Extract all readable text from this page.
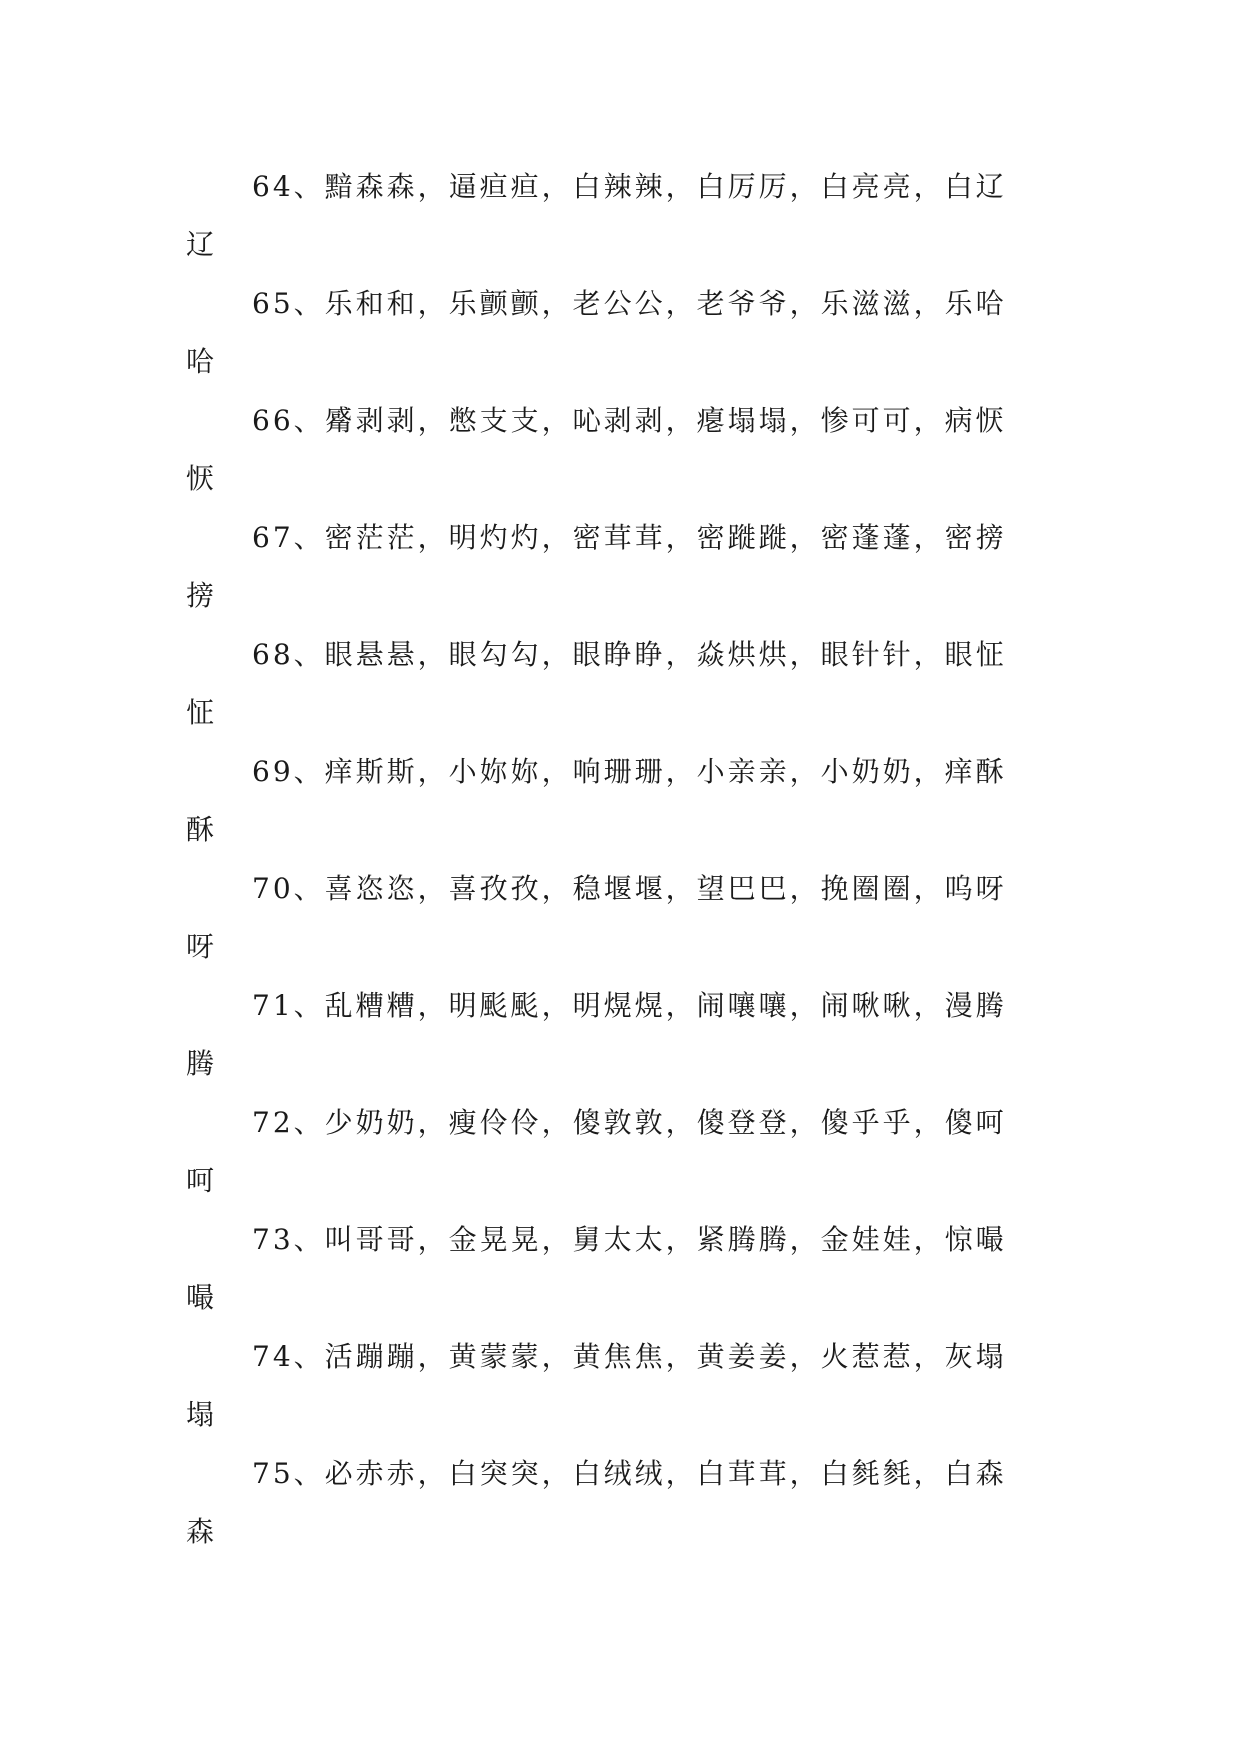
64、黯森森，逼疸疸，白辣辣，白厉厉，白亮亮，白辽
辽
65、乐和和，乐颤颤，老公公，老爷爷，乐滋滋，乐哈
哈
66、觱剥剥，憋支支，吣剥剥，瘪塌塌，惨可可，病恹
恹
67、密茫茫，明灼灼，密茸茸，密蹝蹝，密蓬蓬，密搒
搒
68、眼悬悬，眼勾勾，眼睁睁，焱烘烘，眼针针，眼怔
怔
69、痒斯斯，小妳妳，响珊珊，小亲亲，小奶奶，痒酥
酥
70、喜恣恣，喜孜孜，稳堰堰，望巴巴，挽圈圈，呜呀
呀
71、乱糟糟，明颩颩，明熀熀，闹嚷嚷，闹啾啾，漫腾
腾
72、少奶奶，瘦伶伶，傻敦敦，傻登登，傻乎乎，傻呵
呵
73、叫哥哥，金晃晃，舅太太，紧腾腾，金娃娃，惊嘬
嘬
74、活蹦蹦，黄蒙蒙，黄焦焦，黄姜姜，火惹惹，灰塌
塌
75、必赤赤，白突突，白绒绒，白茸茸，白毵毵，白森
森
